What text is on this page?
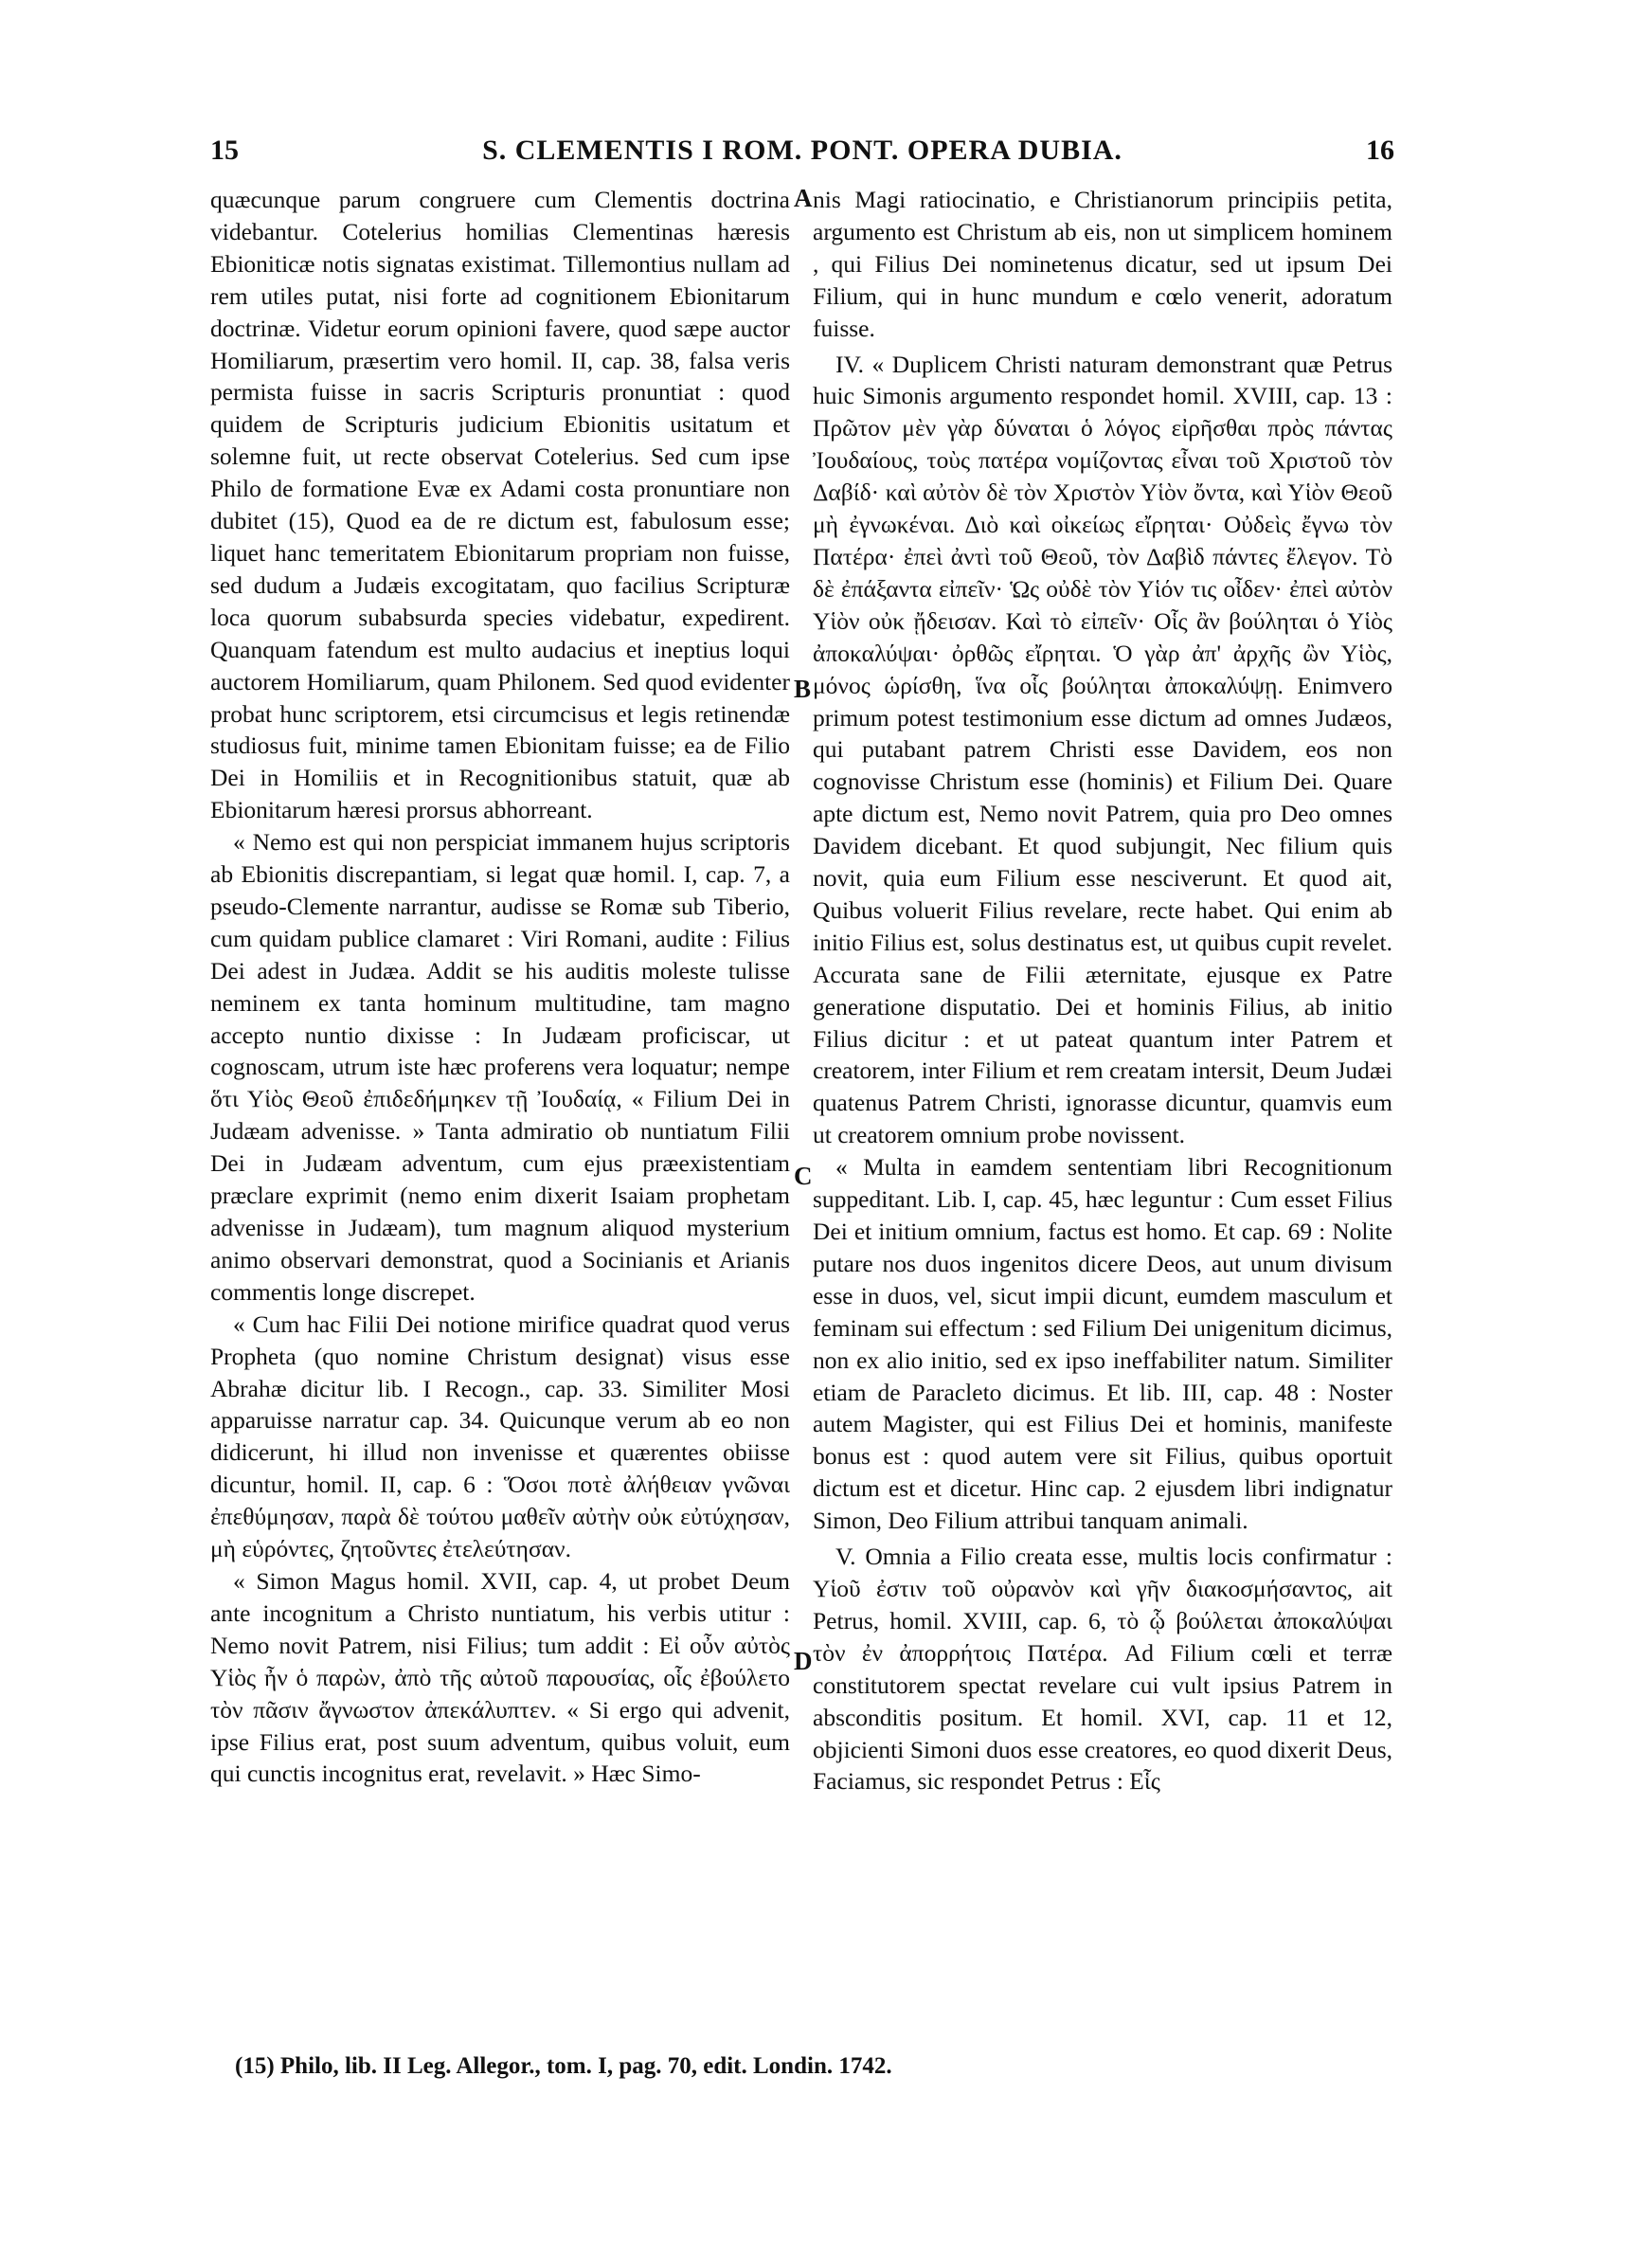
15	S. CLEMENTIS I ROM. PONT. OPERA DUBIA.	16

quæcunque parum congruere cum Clementis doctrina videbantur. Cotelerius homilias Clementinas hæresis Ebioniticæ notis signatas existimat. Tillemontius nullam ad rem utiles putat, nisi forte ad cognitionem Ebionitarum doctrinæ. Videtur eorum opinioni favere, quod sæpe auctor Homiliarum, præsertim vero homil. II, cap. 38, falsa veris permista fuisse in sacris Scripturis pronuntiat : quod quidem de Scripturis judicium Ebionitis usitatum et solemne fuit, ut recte observat Cotelerius. Sed cum ipse Philo de formatione Evæ ex Adami costa pronuntiare non dubitet (15), Quod ea de re dictum est, fabulosum esse; liquet hanc temeritatem Ebionitarum propriam non fuisse, sed dudum a Judæis excogitatam, quo facilius Scripturæ loca quorum subabsurda species videbatur, expedirent. Quanquam fatendum est multo audacius et ineptius loqui auctorem Homiliarum, quam Philonem. Sed quod evidenter probat hunc scriptorem, etsi circumcisus et legis retinendæ studiosus fuit, minime tamen Ebionitam fuisse; ea de Filio Dei in Homiliis et in Recognitionibus statuit, quæ ab Ebionitarum hæresi prorsus abhorreant.

« Nemo est qui non perspiciat immanem hujus scriptoris ab Ebionitis discrepantiam, si legat quæ homil. I, cap. 7, a pseudo-Clemente narrantur, audisse se Romæ sub Tiberio, cum quidam publice clamaret : Viri Romani, audite : Filius Dei adest in Judæa. Addit se his auditis moleste tulisse neminem ex tanta hominum multitudine, tam magno accepto nuntio dixisse : In Judæam proficiscar, ut cognoscam, utrum iste hæc proferens vera loquatur; nempe ὅτι Υἱὸς Θεοῦ ἐπιδεδήμηκεν τῇ Ἰουδαίᾳ, « Filium Dei in Judæam advenisse. » Tanta admiratio ob nuntiatum Filii Dei in Judæam adventum, cum ejus præexistentiam præclare exprimit (nemo enim dixerit Isaiam prophetam advenisse in Judæam), tum magnum aliquod mysterium animo observari demonstrat, quod a Socinianis et Arianis commentis longe discrepet.

« Cum hac Filii Dei notione mirifice quadrat quod verus Propheta (quo nomine Christum designat) visus esse Abrahæ dicitur lib. I Recogn., cap. 33. Similiter Mosi apparuisse narratur cap. 34. Quicunque verum ab eo non didicerunt, hi illud non invenisse et quærentes obiisse dicuntur, homil. II, cap. 6 : Ὅσοι ποτὲ ἀλήθειαν γνῶναι ἐπεθύμησαν, παρὰ δὲ τούτου μαθεῖν αὐτὴν οὐκ εὐτύχησαν, μὴ εὑρόντες, ζητοῦντες ἐτελεύτησαν.

« Simon Magus homil. XVII, cap. 4, ut probet Deum ante incognitum a Christo nuntiatum, his verbis utitur : Nemo novit Patrem, nisi Filius; tum addit : Εἰ οὖν αὐτὸς Υἱὸς ἦν ὁ παρὼν, ἀπὸ τῆς αὐτοῦ παρουσίας, οἷς ἐβούλετο τὸν πᾶσιν ἄγνωστον ἀπεκάλυπτεν. « Si ergo qui advenit, ipse Filius erat, post suum adventum, quibus voluit, eum qui cunctis incognitus erat, revelavit. » Hæc Simo-

A
B
C
D

nis Magi ratiocinatio, e Christianorum principiis petita, argumento est Christum ab eis, non ut simplicem hominem , qui Filius Dei nominetenus dicatur, sed ut ipsum Dei Filium, qui in hunc mundum e cœlo venerit, adoratum fuisse.

IV. « Duplicem Christi naturam demonstrant quæ Petrus huic Simonis argumento respondet homil. XVIII, cap. 13 : Πρῶτον μὲν γὰρ δύναται ὁ λόγος εἰρῆσθαι πρὸς πάντας Ἰουδαίους, τοὺς πατέρα νομίζοντας εἶναι τοῦ Χριστοῦ τὸν Δαβίδ· καὶ αὐτὸν δὲ τὸν Χριστὸν Υἱὸν ὄντα, καὶ Υἱὸν Θεοῦ μὴ ἐγνωκέναι. Διὸ καὶ οἰκείως εἴρηται· Οὐδεὶς ἔγνω τὸν Πατέρα· ἐπεὶ ἀντὶ τοῦ Θεοῦ, τὸν Δαβὶδ πάντες ἔλεγον. Τὸ δὲ ἐπάξαντα εἰπεῖν· Ὡς οὐδὲ τὸν Υἱόν τις οἶδεν· ἐπεὶ αὐτὸν Υἱὸν οὐκ ᾔδεισαν. Καὶ τὸ εἰπεῖν· Οἷς ἂν βούληται ὁ Υἱὸς ἀποκαλύψαι· ὀρθῶς εἴρηται. Ὁ γὰρ ἀπ' ἀρχῆς ὢν Υἱὸς, μόνος ὡρίσθη, ἵνα οἷς βούληται ἀποκαλύψῃ. Enimvero primum potest testimonium esse dictum ad omnes Judæos, qui putabant patrem Christi esse Davidem, eos non cognovisse Christum esse (hominis) et Filium Dei. Quare apte dictum est, Nemo novit Patrem, quia pro Deo omnes Davidem dicebant. Et quod subjungit, Nec filium quis novit, quia eum Filium esse nesciverunt. Et quod ait, Quibus voluerit Filius revelare, recte habet. Qui enim ab initio Filius est, solus destinatus est, ut quibus cupit revelet. Accurata sane de Filii æternitate, ejusque ex Patre generatione disputatio. Dei et hominis Filius, ab initio Filius dicitur : et ut pateat quantum inter Patrem et creatorem, inter Filium et rem creatam intersit, Deum Judæi quatenus Patrem Christi, ignorasse dicuntur, quamvis eum ut creatorem omnium probe novissent.

« Multa in eamdem sententiam libri Recognitionum suppeditant. Lib. I, cap. 45, hæc leguntur : Cum esset Filius Dei et initium omnium, factus est homo. Et cap. 69 : Nolite putare nos duos ingenitos dicere Deos, aut unum divisum esse in duos, vel, sicut impii dicunt, eumdem masculum et feminam sui effectum : sed Filium Dei unigenitum dicimus, non ex alio initio, sed ex ipso ineffabiliter natum. Similiter etiam de Paracleto dicimus. Et lib. III, cap. 48 : Noster autem Magister, qui est Filius Dei et hominis, manifeste bonus est : quod autem vere sit Filius, quibus oportuit dictum est et dicetur. Hinc cap. 2 ejusdem libri indignatur Simon, Deo Filium attribui tanquam animali.

V. Omnia a Filio creata esse, multis locis confirmatur : Υἱοῦ ἐστιν τοῦ οὐρανὸν καὶ γῆν διακοσμήσαντος, ait Petrus, homil. XVIII, cap. 6, τὸ ᾧ βούλεται ἀποκαλύψαι τὸν ἐν ἀπορρήτοις Πατέρα. Ad Filium cœli et terræ constitutorem spectat revelare cui vult ipsius Patrem in absconditis positum. Et homil. XVI, cap. 11 et 12, objicienti Simoni duos esse creatores, eo quod dixerit Deus, Faciamus, sic respondet Petrus : Εἷς

(15) Philo, lib. II Leg. Allegor., tom. I, pag. 70, edit. Londin. 1742.
